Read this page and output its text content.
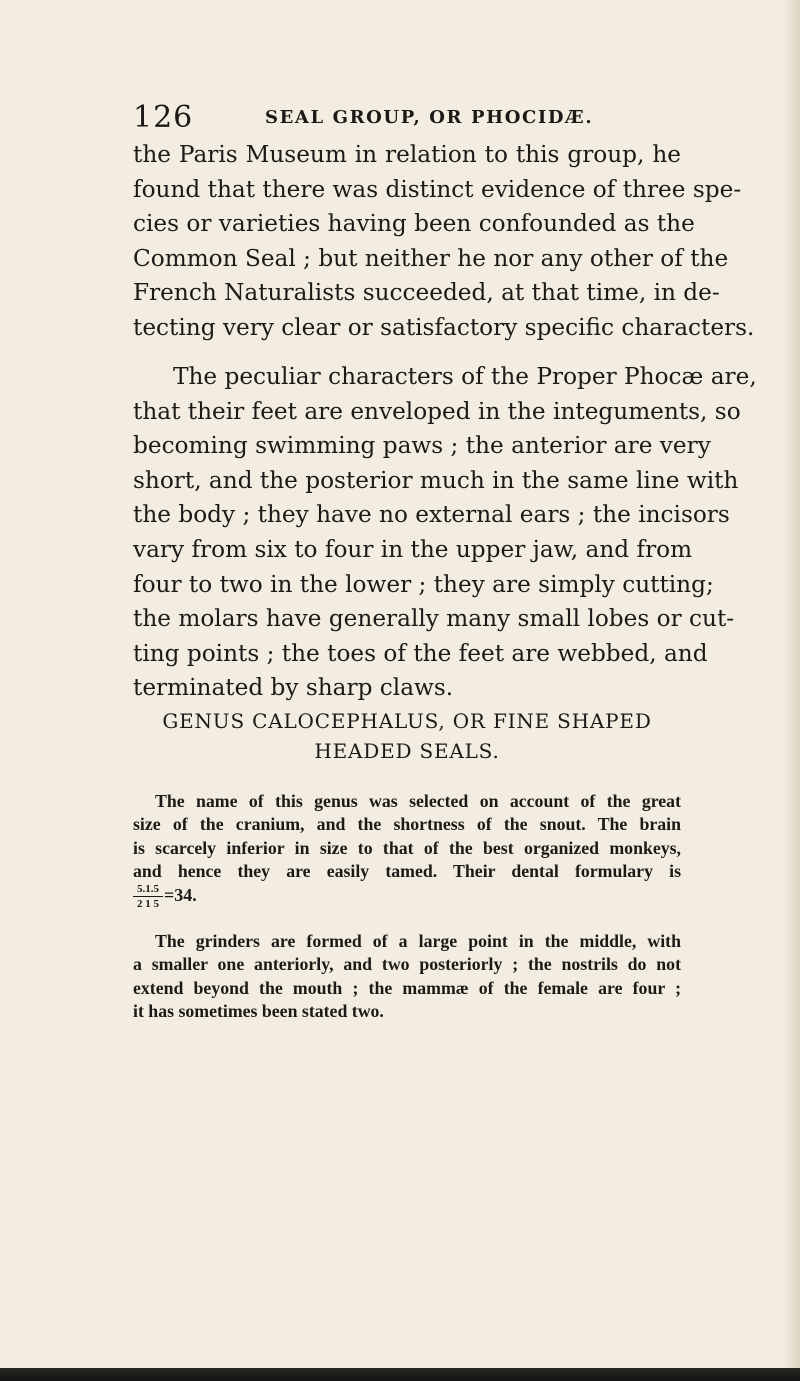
126	SEAL GROUP, OR PHOCIDÆ.
the Paris Museum in relation to this group, he
found that there was distinct evidence of three spe-
cies or varieties having been confounded as the
Common Seal ; but neither he nor any other of the
French Naturalists succeeded, at that time, in de-
tecting very clear or satisfactory specific characters.
The peculiar characters of the Proper Phocæ are,
that their feet are enveloped in the integuments, so
becoming swimming paws ; the anterior are very
short, and the posterior much in the same line with
the body ; they have no external ears ; the incisors
vary from six to four in the upper jaw, and from
four to two in the lower ; they are simply cutting;
the molars have generally many small lobes or cut-
ting points ; the toes of the feet are webbed, and
terminated by sharp claws.
GENUS CALOCEPHALUS, OR FINE SHAPED
HEADED SEALS.
The name of this genus was selected on account of the great
size of the cranium, and the shortness of the snout. The brain
is scarcely inferior in size to that of the best organized monkeys,
and hence they are easily tamed. Their dental formulary is
5.1.5
2 1 5 =34.
The grinders are formed of a large point in the middle, with
a smaller one anteriorly, and two posteriorly ; the nostrils do not
extend beyond the mouth ; the mammæ of the female are four ;
it has sometimes been stated two.
